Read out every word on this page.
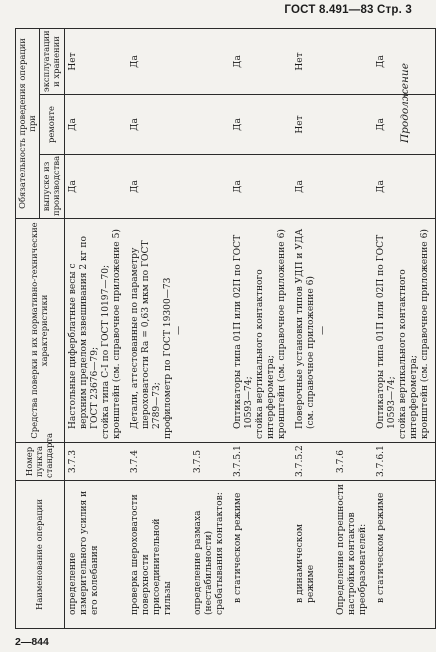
ГОСТ 8.491—83 Стр. 3
Продолжение
Наименование операции	Номер пункта стандарта	Средства поверки и их нормативно-технические характеристики	Обязательность проведения операции при		
			выпуске из производства	ремонте	эксплуатации и хранении

определение измерительного усилия и его колебания	3.7.3	Настольные циферблатные весы с верхним пределом взвешивания 2 кг по ГОСТ 23676—79; стойка типа С-I по ГОСТ 10197—70; кронштейн (см. справочное приложение 5)	Да	Да	Нет

проверка шероховатости поверхности присоединительной гильзы	3.7.4	Детали, аттестованные по параметру шероховатости Ra = 0,63 мкм по ГОСТ 2789—73; профилометр по ГОСТ 19300—73 —	Да	Да	Да

определение размаха (нестабильности) срабатывания контактов:	3.7.5				

в статическом режиме	3.7.5.1	Оптикаторы типа 01П или 02П по ГОСТ 10593—74; стойка вертикального контактного интерферометра; кронштейн (см. справочное приложение 6)	Да	Да	Да

в динамическом режиме	3.7.5.2	Поверочные установки типов УДП и УДА (см. справочное приложение 6) —	Да	Нет	Нет

Определение погрешности настройки контактов преобразователей:	3.7.6				

в статическом режиме	3.7.6.1	Оптикаторы типа 01П или 02П по ГОСТ 10593—74; стойка вертикального контактного интерферометра; кронштейн (см. справочное приложение 6)	Да	Да	Да
2—844
